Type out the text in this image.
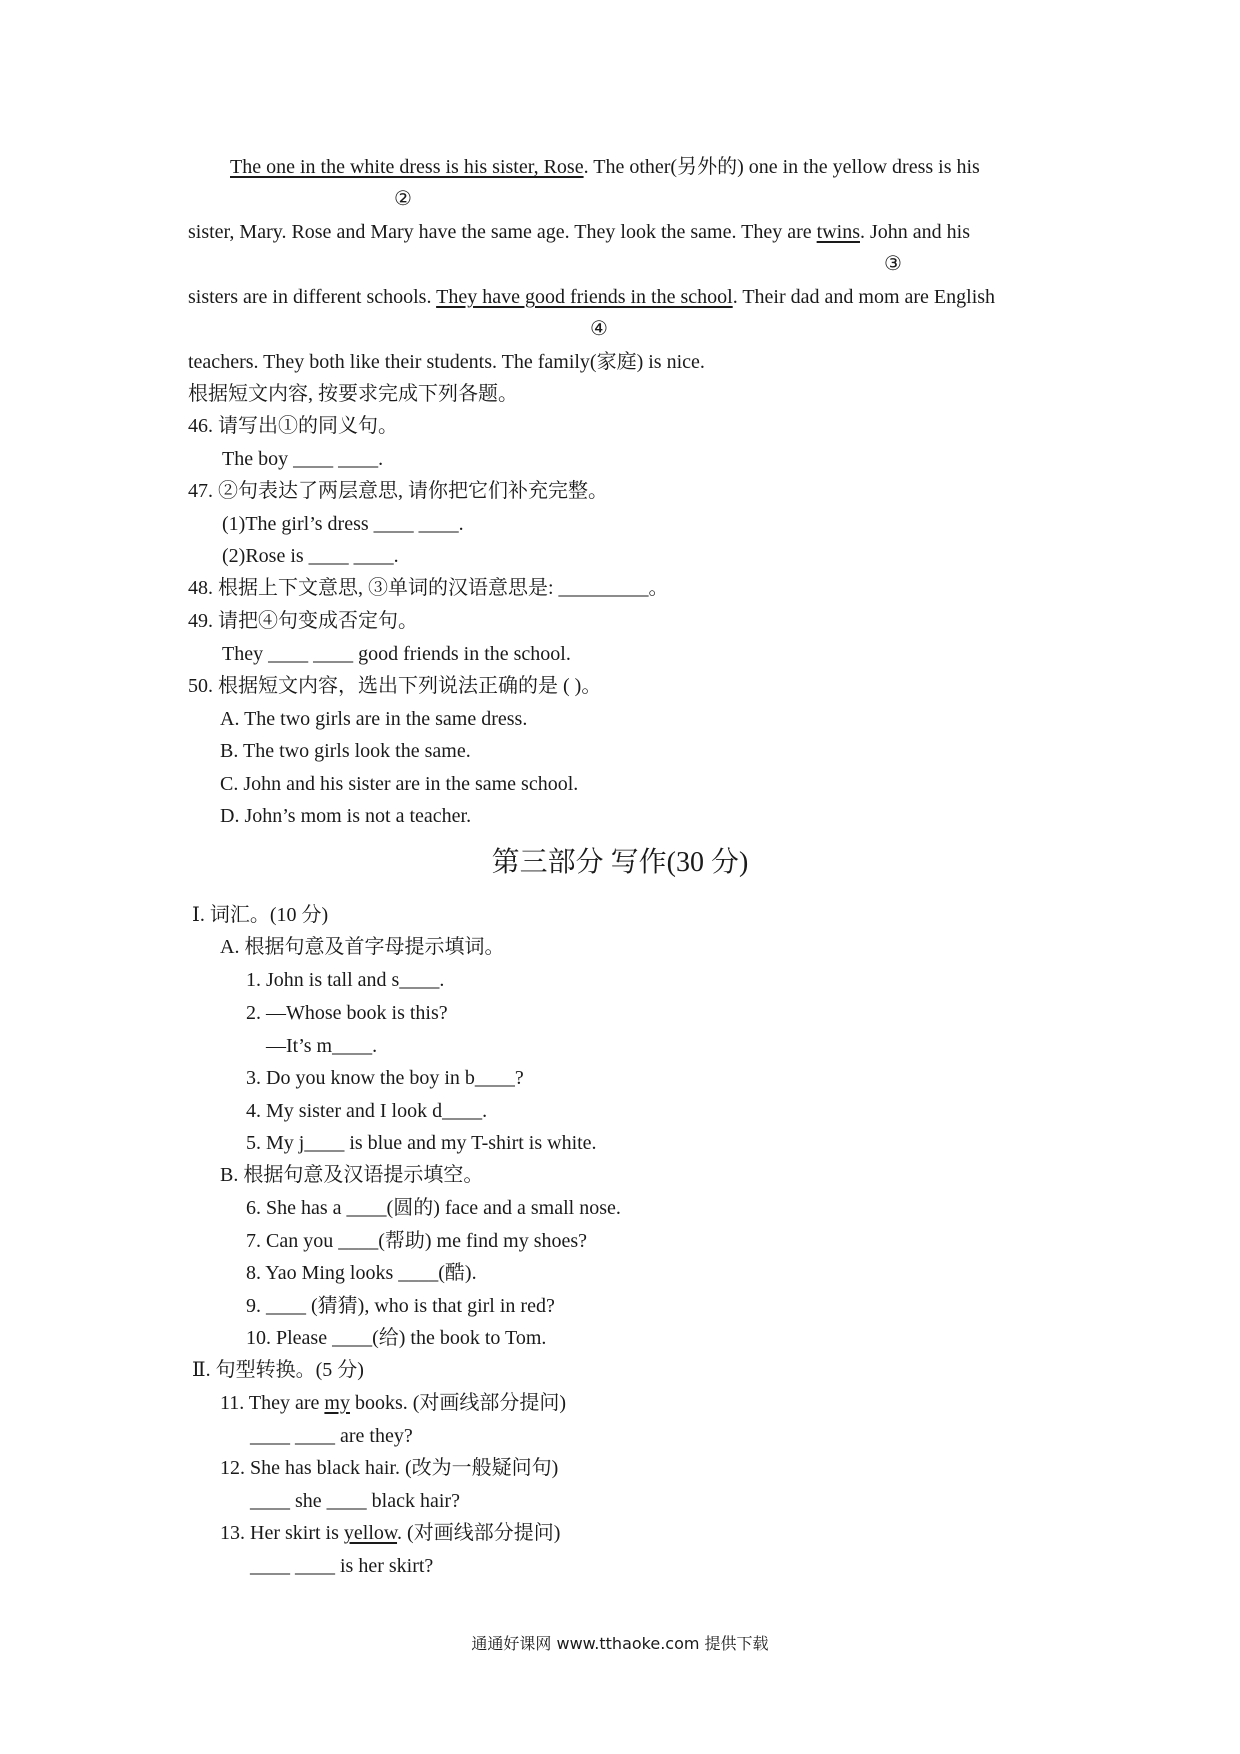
The one in the white dress is his sister, Rose. The other(另外的) one in the yellow dress is his
②
sister, Mary. Rose and Mary have the same age. They look the same. They are twins. John and his
③
sisters are in different schools. They have good friends in the school. Their dad and mom are English
④
teachers. They both like their students. The family(家庭) is nice.
根据短文内容, 按要求完成下列各题。
46. 请写出①的同义句。
The boy ____ ____.
47. ②句表达了两层意思, 请你把它们补充完整。
(1)The girl’s dress ____ ____.
(2)Rose is ____ ____.
48. 根据上下文意思, ③单词的汉语意思是: _________。
49. 请把④句变成否定句。
They ____ ____ good friends in the school.
50. 根据短文内容，选出下列说法正确的是 ( )。
A. The two girls are in the same dress.
B. The two girls look the same.
C. John and his sister are in the same school.
D. John’s mom is not a teacher.
第三部分 写作(30 分)
Ⅰ. 词汇。(10 分)
A. 根据句意及首字母提示填词。
1. John is tall and s____.
2. —Whose book is this?
—It’s m____.
3. Do you know the boy in b____?
4. My sister and I look d____.
5. My j____ is blue and my T-shirt is white.
B. 根据句意及汉语提示填空。
6. She has a ____(圆的) face and a small nose.
7. Can you ____(帮助) me find my shoes?
8. Yao Ming looks ____(酷).
9. ____ (猜猜), who is that girl in red?
10. Please ____(给) the book to Tom.
Ⅱ. 句型转换。(5 分)
11. They are my books. (对画线部分提问)
____ ____ are they?
12. She has black hair. (改为一般疑问句)
____ she ____ black hair?
13. Her skirt is yellow. (对画线部分提问)
____ ____ is her skirt?
通通好课网 www.tthaoke.com 提供下载
